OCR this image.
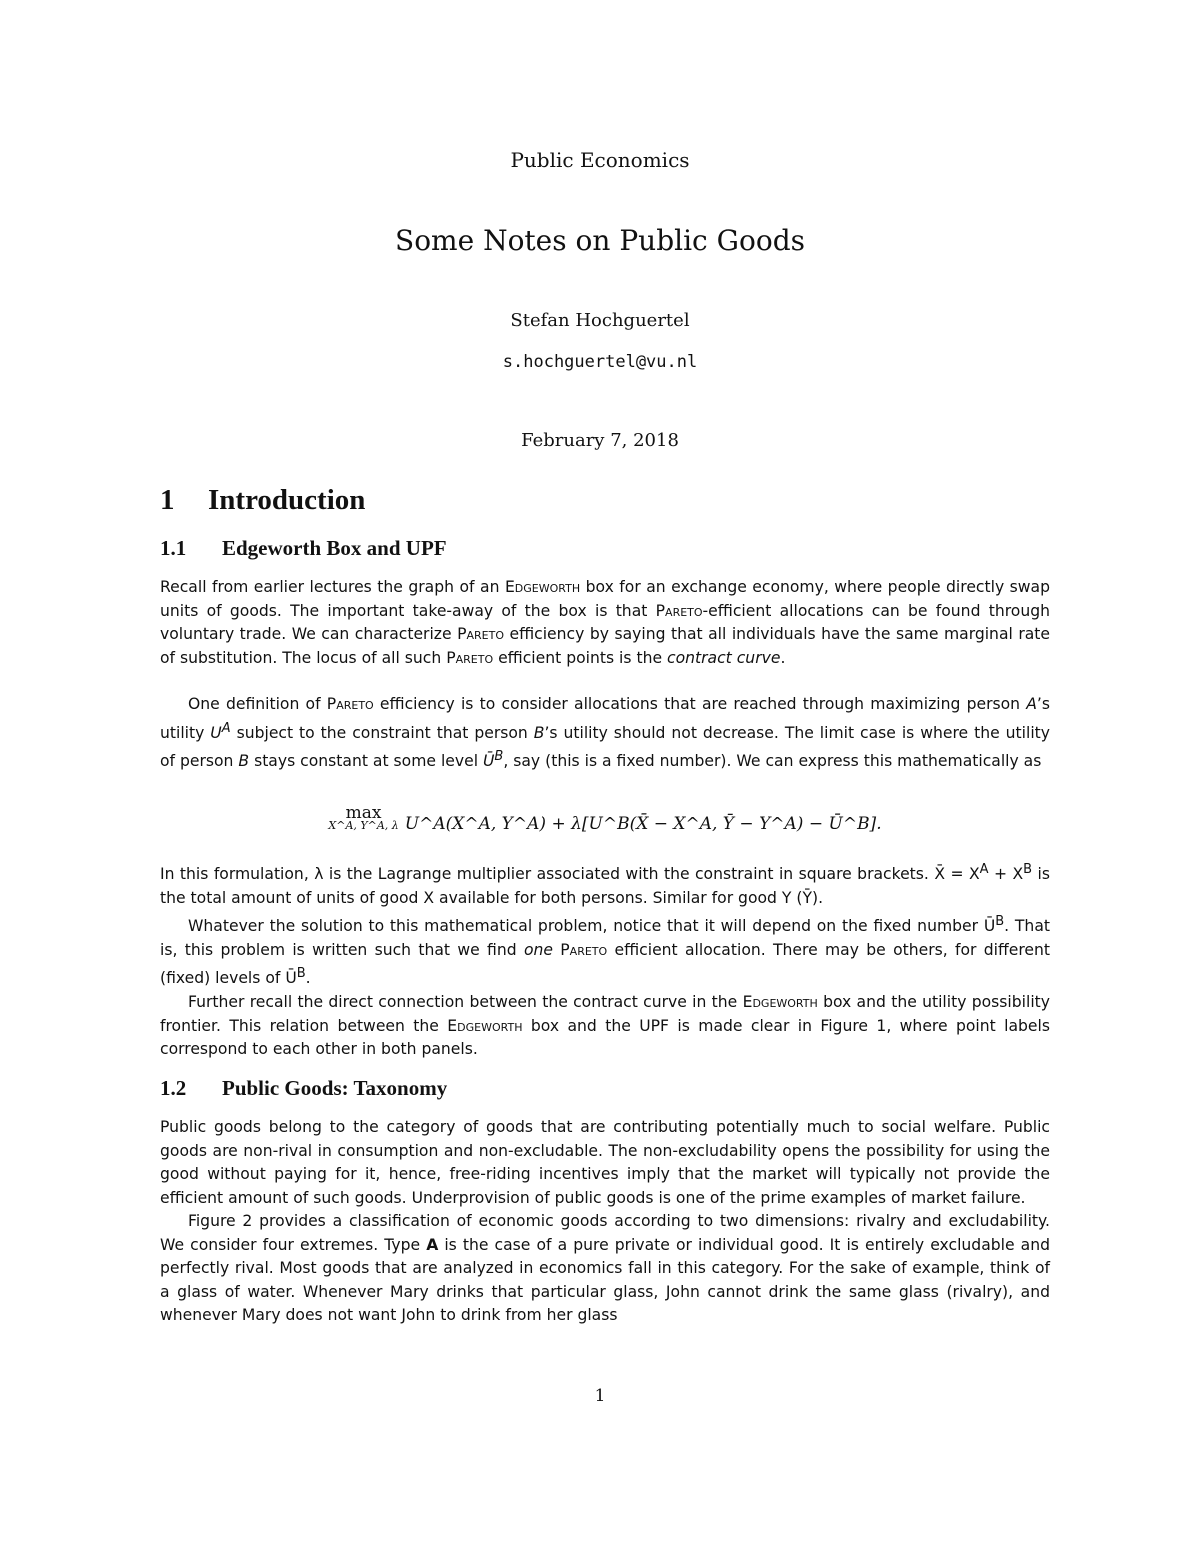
Public Economics
Some Notes on Public Goods
Stefan Hochguertel
s.hochguertel@vu.nl
February 7, 2018
1 Introduction
1.1 Edgeworth Box and UPF

Recall from earlier lectures the graph of an Edgeworth box for an exchange economy, where people directly swap units of goods. The important take-away of the box is that Pareto-efficient allocations can be found through voluntary trade. We can characterize Pareto efficiency by saying that all individuals have the same marginal rate of substitution. The locus of all such Pareto efficient points is the contract curve.

One definition of Pareto efficiency is to consider allocations that are reached through maximizing person A’s utility $U^A$ subject to the constraint that person B’s utility should not decrease. The limit case is where the utility of person B stays constant at some level $Ū^B$, say (this is a fixed number). We can express this mathematically as

max
X^A, Y^A, λ U^A(X^A, Y^A) + λ[U^B(X̄ − X^A, Ȳ − Y^A) − Ū^B].

In this formulation, λ is the Lagrange multiplier associated with the constraint in square brackets. X̄ = $X^A + X^B$ is the total amount of units of good X available for both persons. Similar for good Y (Ȳ).

Whatever the solution to this mathematical problem, notice that it will depend on the fixed number $Ū^B$. That is, this problem is written such that we find one Pareto efficient allocation. There may be others, for different (fixed) levels of $Ū^B$.

Further recall the direct connection between the contract curve in the Edgeworth box and the utility possibility frontier. This relation between the Edgeworth box and the UPF is made clear in Figure 1, where point labels correspond to each other in both panels.

1.2 Public Goods: Taxonomy

Public goods belong to the category of goods that are contributing potentially much to social welfare. Public goods are non-rival in consumption and non-excludable. The non-excludability opens the possibility for using the good without paying for it, hence, free-riding incentives imply that the market will typically not provide the efficient amount of such goods. Underprovision of public goods is one of the prime examples of market failure.

Figure 2 provides a classification of economic goods according to two dimensions: rivalry and excludability. We consider four extremes. Type A is the case of a pure private or individual good. It is entirely excludable and perfectly rival. Most goods that are analyzed in economics fall in this category. For the sake of example, think of a glass of water. Whenever Mary drinks that particular glass, John cannot drink the same glass (rivalry), and whenever Mary does not want John to drink from her glass

1
